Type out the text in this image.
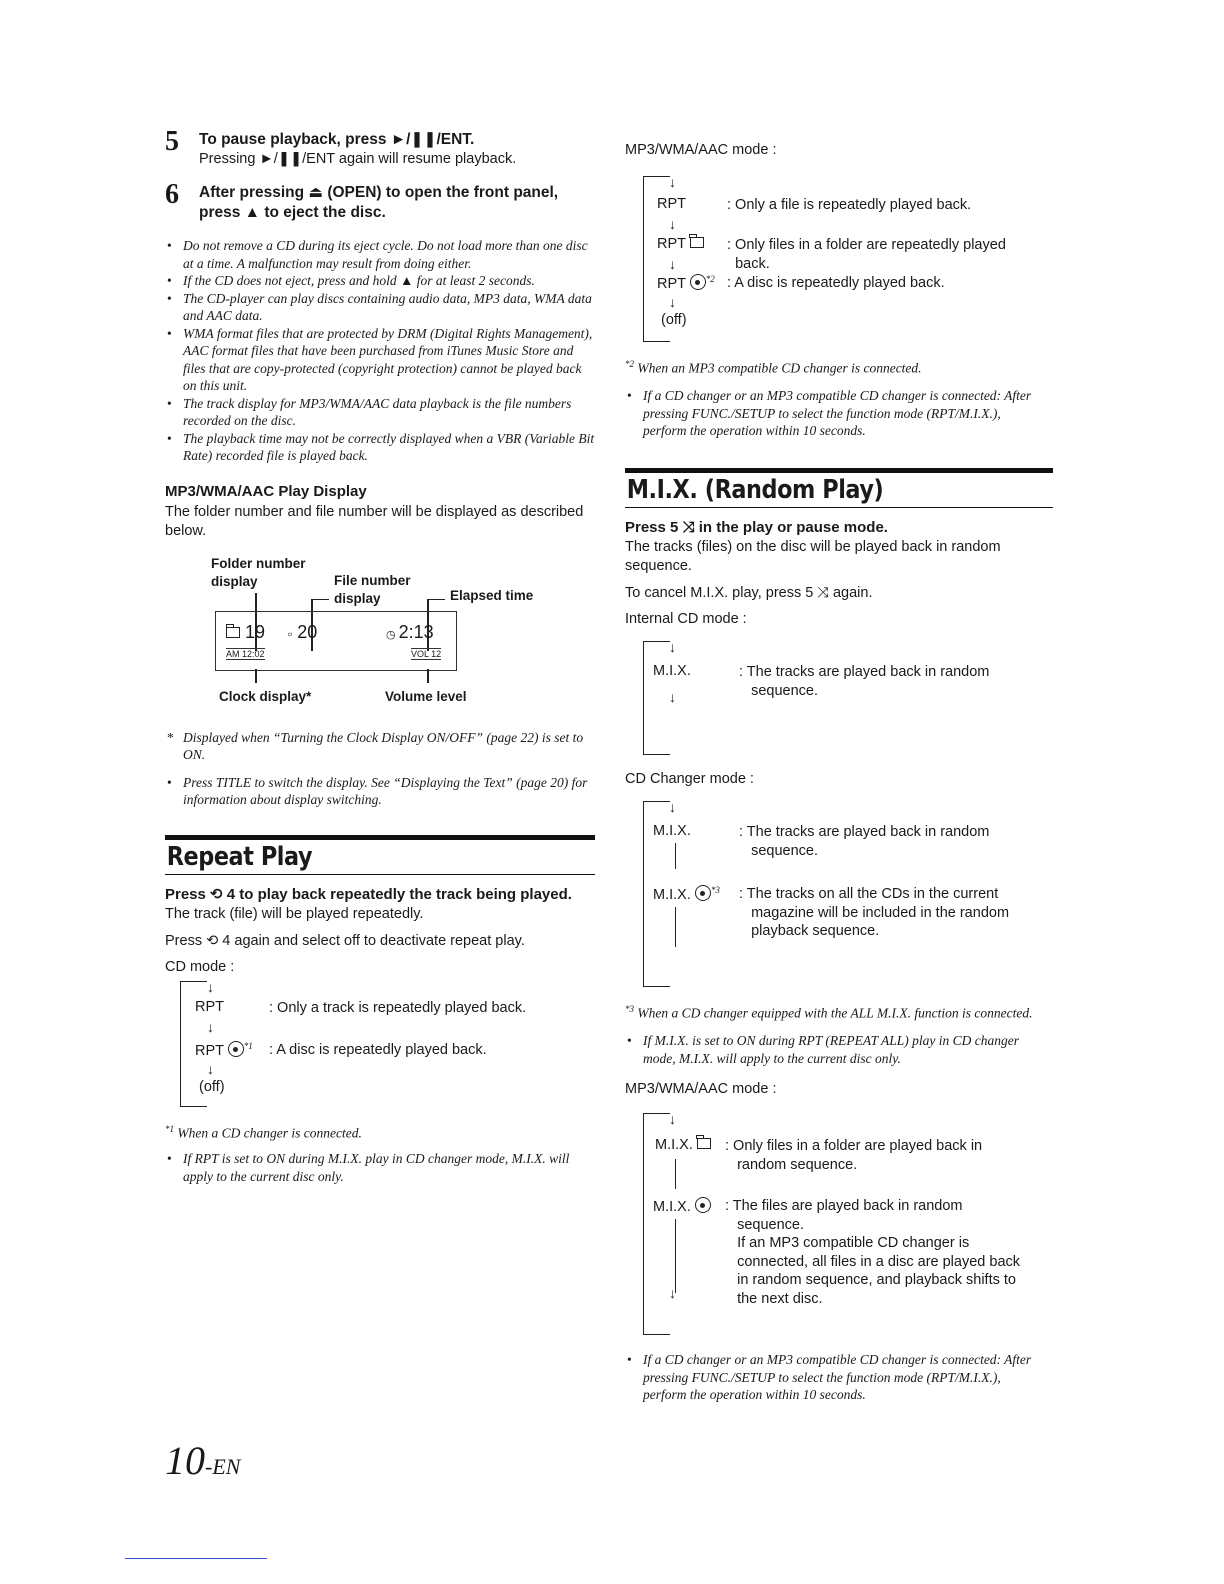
5 To pause playback, press ►/❚❚/ENT.
Pressing ►/❚❚/ENT again will resume playback.
6 After pressing ⏏︎ (OPEN) to open the front panel, press ▲ to eject the disc.
• Do not remove a CD during its eject cycle. Do not load more than one disc at a time. A malfunction may result from doing either.
• If the CD does not eject, press and hold ▲ for at least 2 seconds.
• The CD-player can play discs containing audio data, MP3 data, WMA data and AAC data.
• WMA format files that are protected by DRM (Digital Rights Management), AAC format files that have been purchased from iTunes Music Store and files that are copy-protected (copyright protection) cannot be played back on this unit.
• The track display for MP3/WMA/AAC data playback is the file numbers recorded on the disc.
• The playback time may not be correctly displayed when a VBR (Variable Bit Rate) recorded file is played back.
MP3/WMA/AAC Play Display
The folder number and file number will be displayed as described below.
Folder number
display	File number
display	Elapsed time
19 ▫ 20	◷ 2:13
AM 12:02	VOL 12
Clock display*	Volume level
* Displayed when “Turning the Clock Display ON/OFF” (page 22) is set to ON.
• Press TITLE to switch the display. See “Displaying the Text” (page 20) for information about display switching.
Repeat Play
Press ⟲ 4 to play back repeatedly the track being played.
The track (file) will be played repeatedly.
Press ⟲ 4 again and select off to deactivate repeat play.
CD mode :
↓
RPT	: Only a track is repeatedly played back.
↓
RPT $^{*1}$ : A disc is repeatedly played back.
↓
(off)
$^{*1}$ When a CD changer is connected.
• If RPT is set to ON during M.I.X. play in CD changer mode, M.I.X. will apply to the current disc only.
MP3/WMA/AAC mode :
↓
RPT	: Only a file is repeatedly played back.
↓
RPT	: Only files in a folder are repeatedly played
back.
↓
RPT $^{*2}$ : A disc is repeatedly played back.
↓
(off)
$^{*2}$ When an MP3 compatible CD changer is connected.
• If a CD changer or an MP3 compatible CD changer is connected: After pressing FUNC./SETUP to select the function mode (RPT/M.I.X.), perform the operation within 10 seconds.
M.I.X. (Random Play)
Press 5 ⤨ in the play or pause mode.
The tracks (files) on the disc will be played back in random sequence.
To cancel M.I.X. play, press 5 ⤨ again.
Internal CD mode :
↓
M.I.X.	: The tracks are played back in random
sequence.
↓
CD Changer mode :
↓
M.I.X.	: The tracks are played back in random
sequence.
M.I.X. $^{*3}$ : The tracks on all the CDs in the current
magazine will be included in the random
playback sequence.
$^{*3}$ When a CD changer equipped with the ALL M.I.X. function is connected.
• If M.I.X. is set to ON during RPT (REPEAT ALL) play in CD changer mode, M.I.X. will apply to the current disc only.
MP3/WMA/AAC mode :
↓
M.I.X.	: Only files in a folder are played back in
random sequence.
M.I.X.	: The files are played back in random
sequence.
If an MP3 compatible CD changer is
connected, all files in a disc are played back
in random sequence, and playback shifts to
the next disc.
↓
• If a CD changer or an MP3 compatible CD changer is connected: After pressing FUNC./SETUP to select the function mode (RPT/M.I.X.), perform the operation within 10 seconds.
10-EN
